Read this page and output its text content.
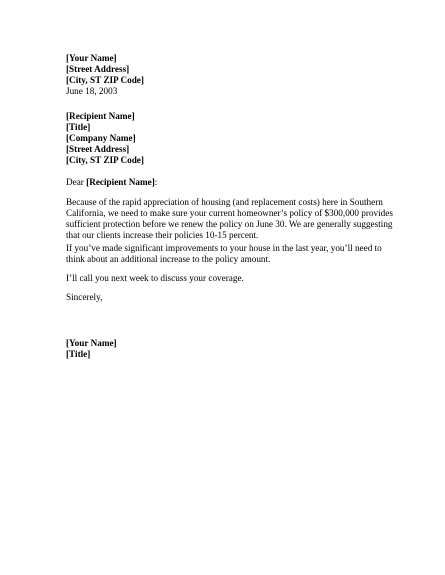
[Your Name]
[Street Address]
[City, ST ZIP Code]
June 18, 2003
[Recipient Name]
[Title]
[Company Name]
[Street Address]
[City, ST ZIP Code]
Dear [Recipient Name]:
Because of the rapid appreciation of housing (and replacement costs) here in Southern
California, we need to make sure your current homeowner’s policy of $300,000 provides
sufficient protection before we renew the policy on June 30. We are generally suggesting
that our clients increase their policies 10-15 percent.
If you’ve made significant improvements to your house in the last year, you’ll need to
think about an additional increase to the policy amount.
I’ll call you next week to discuss your coverage.
Sincerely,
[Your Name]
[Title]
